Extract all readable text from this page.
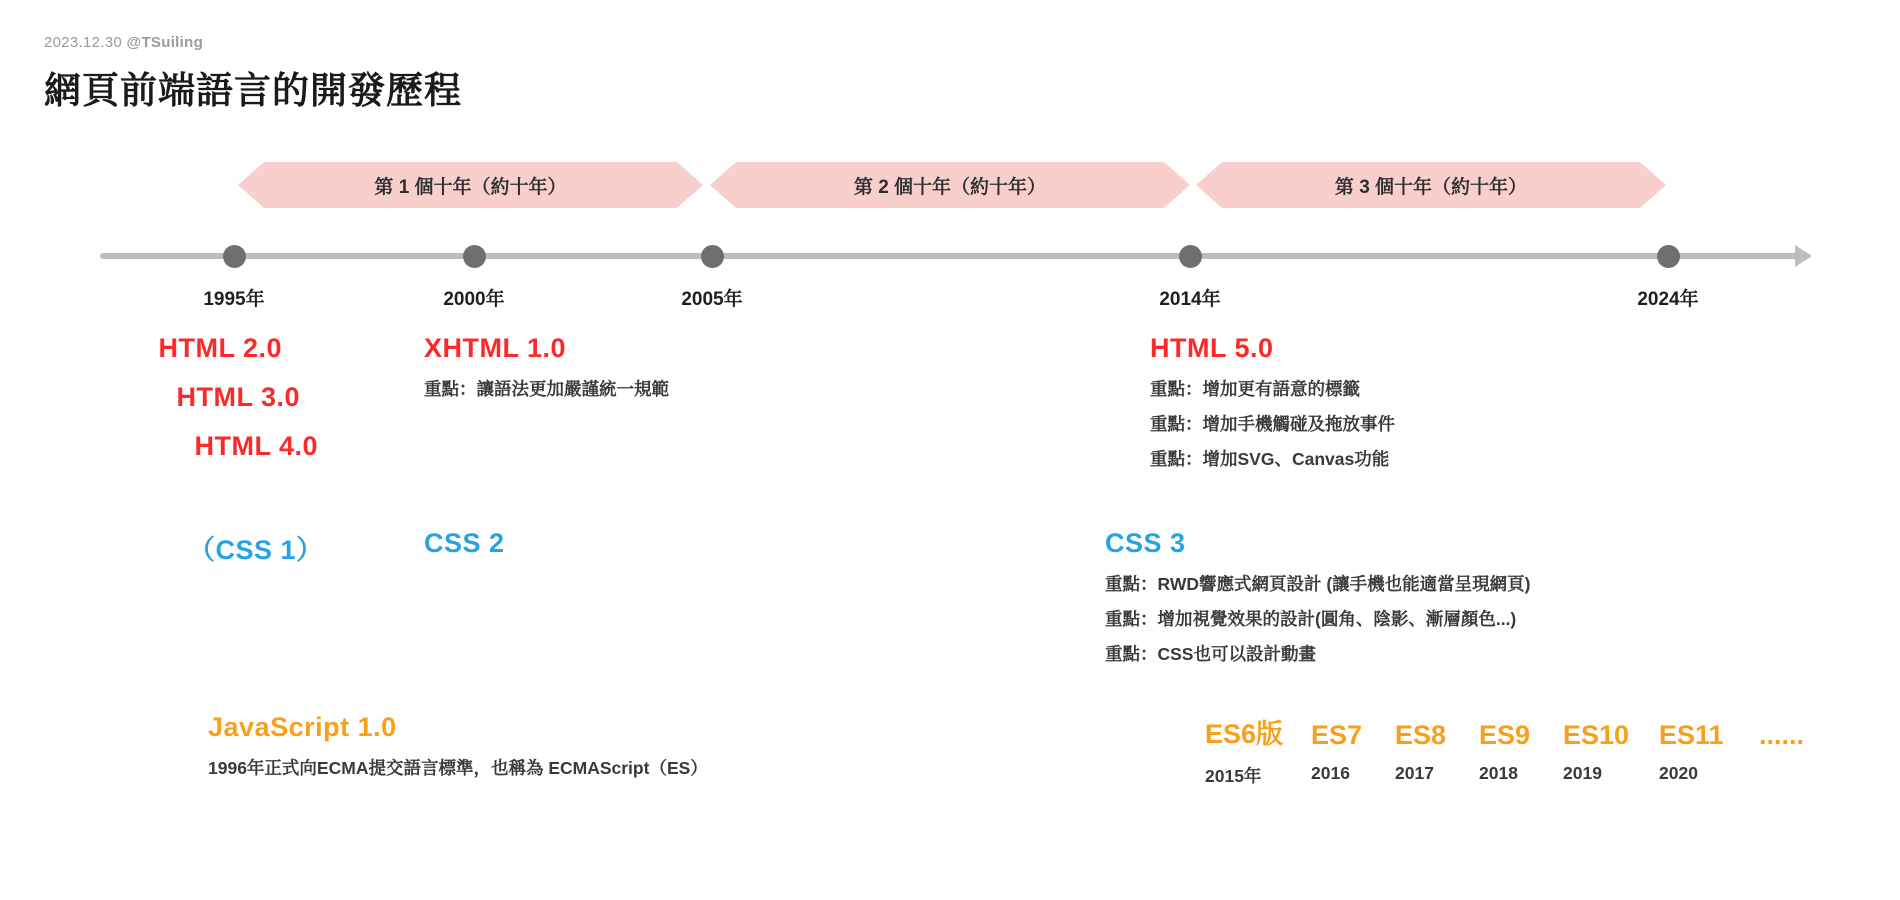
2023.12.30 @TSuiling
網頁前端語言的開發歷程
第 1 個十年（約十年）	第 2 個十年（約十年）	第 3 個十年（約十年）
1995年	2000年	2005年	2014年	2024年
HTML 2.0
HTML 3.0
HTML 4.0
XHTML 1.0
重點：讓語法更加嚴謹統一規範
HTML 5.0
重點：增加更有語意的標籤
重點：增加手機觸碰及拖放事件
重點：增加SVG、Canvas功能
（CSS 1）	CSS 2	CSS 3
重點：RWD響應式網頁設計 (讓手機也能適當呈現網頁)
重點：增加視覺效果的設計(圓角、陰影、漸層顏色...)
重點：CSS也可以設計動畫
JavaScript 1.0
1996年正式向ECMA提交語言標準，也稱為 ECMAScript（ES）
ES6版	ES7	ES8	ES9	ES10	ES11	......
2015年	2016	2017	2018	2019	2020
